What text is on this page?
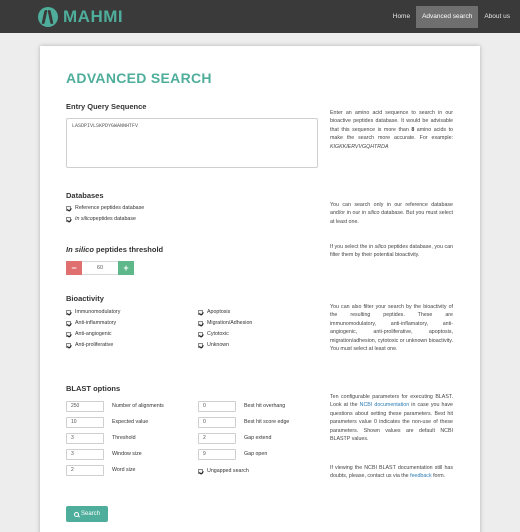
MAHMI	Home	Advanced search	About us
ADVANCED SEARCH
Entry Query Sequence
LASDPIVLSKPDYGWANNHTFV
Enter an amino acid sequence to search in our bioactive peptides database. It would be advisable that this sequence is more than 8 amino acids to make the search more accurate. For example: KIGKKIERVVGQHTRDA
Databases
Reference peptides database
In silico peptides database
You can search only in our reference database and/or in our in silico database. But you must select at least one.
In silico peptides threshold
−	60	+
If you select the in silico peptides database, you can filter them by their potential bioactivity.
Bioactivity
Immunomodulatory
Anti-inflammatory
Anti-angiogenic
Anti-proliferative
Apoptosis
Migration/Adhesion
Cytotoxic
Unknown
You can also filter your search by the bioactivity of the resulting peptides. These are immunomodulatory, anti-inflamatory, anti-angiogenic, anti-proliferative, apoptosis, migration/adhesion, cytotoxic or unknown bioactivity. You must select at least one.
BLAST options
250	Number of alignments
10	Expected value
3	Threshold
3	Window size
2	Word size
0	Best hit overhang
0	Best hit score edge
2	Gap extend
9	Gap open
Ungapped search
Ten configurable parameters for executing BLAST. Look at the NCBI documentation in case you have questions about setting these parameters. Best hit parameters value 0 indicates the non-use of these parameters. Shown values are default NCBI BLASTP values.
If viewing the NCBI BLAST documentation still has doubts, please, contact us via the feedback form.
Search
